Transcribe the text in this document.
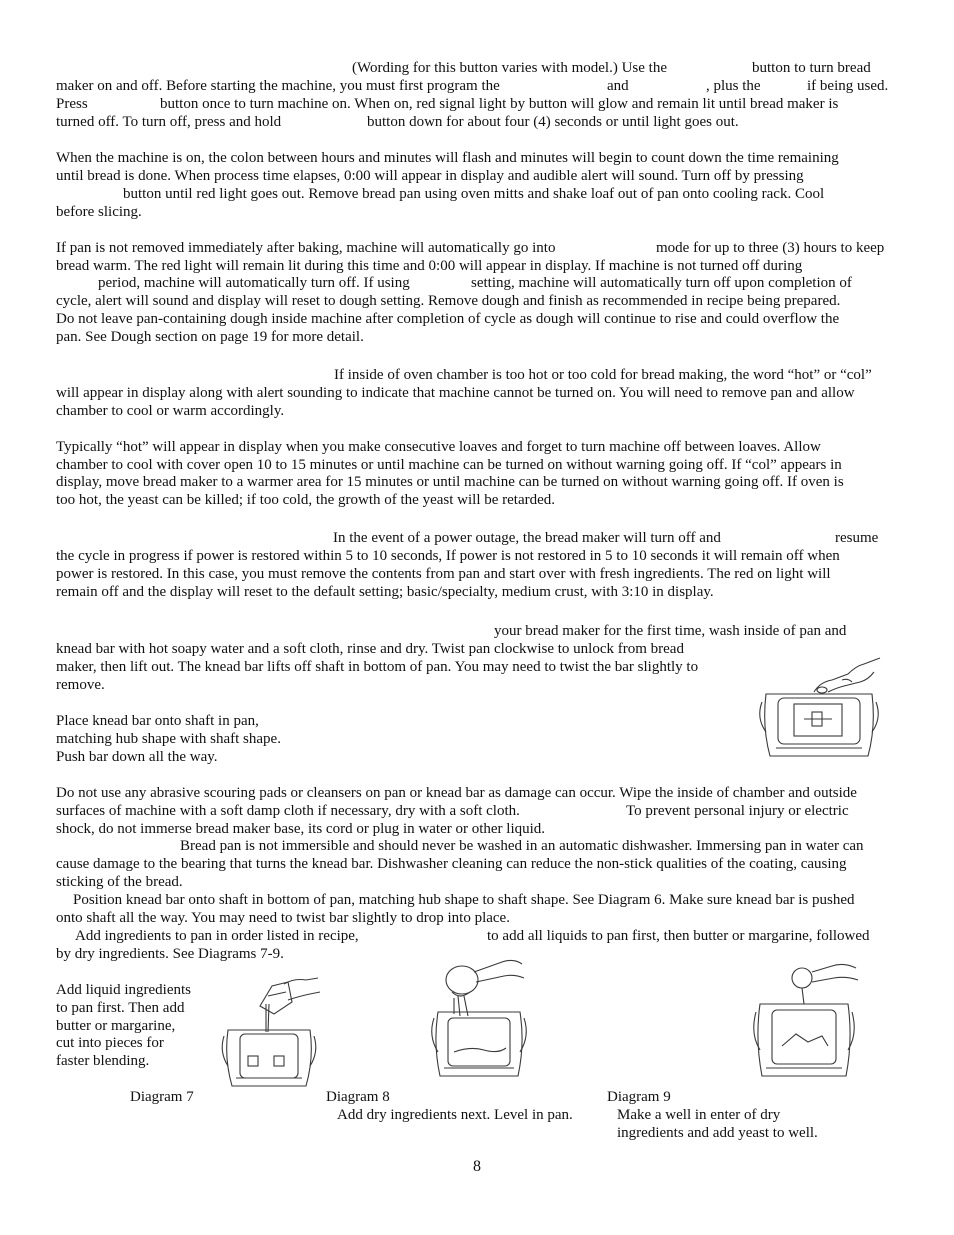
(Wording for this button varies with model.) Use the	button to turn bread
maker on and off. Before starting the machine, you must first program the	and	, plus the	if being used.
Press	button once to turn machine on. When on, red signal light by button will glow and remain lit until bread maker is
turned off. To turn off, press and hold	button down for about four (4) seconds or until light goes out.
When the machine is on, the colon between hours and minutes will flash and minutes will begin to count down the time remaining
until bread is done. When process time elapses, 0:00 will appear in display and audible alert will sound. Turn off by pressing
button until red light goes out. Remove bread pan using oven mitts and shake loaf out of pan onto cooling rack. Cool
before slicing.
If pan is not removed immediately after baking, machine will automatically go into	mode for up to three (3) hours to keep
bread warm. The red light will remain lit during this time and 0:00 will appear in display. If machine is not turned off during
period, machine will automatically turn off. If using	setting, machine will automatically turn off upon completion of
cycle, alert will sound and display will reset to dough setting. Remove dough and finish as recommended in recipe being prepared.
Do not leave pan-containing dough inside machine after completion of cycle as dough will continue to rise and could overflow the
pan. See Dough section on page 19 for more detail.
If inside of oven chamber is too hot or too cold for bread making, the word “hot” or “col”
will appear in display along with alert sounding to indicate that machine cannot be turned on. You will need to remove pan and allow
chamber to cool or warm accordingly.
Typically “hot” will appear in display when you make consecutive loaves and forget to turn machine off between loaves. Allow
chamber to cool with cover open 10 to 15 minutes or until machine can be turned on without warning going off. If “col” appears in
display, move bread maker to a warmer area for 15 minutes or until machine can be turned on without warning going off. If oven is
too hot, the yeast can be killed; if too cold, the growth of the yeast will be retarded.
In the event of a power outage, the bread maker will turn off and	resume
the cycle in progress if power is restored within 5 to 10 seconds, If power is not restored in 5 to 10 seconds it will remain off when
power is restored. In this case, you must remove the contents from pan and start over with fresh ingredients. The red on light will
remain off and the display will reset to the default setting; basic/specialty, medium crust, with 3:10 in display.
your bread maker for the first time, wash inside of pan and
knead bar with hot soapy water and a soft cloth, rinse and dry. Twist pan clockwise to unlock from bread
maker, then lift out. The knead bar lifts off shaft in bottom of pan. You may need to twist the bar slightly to
remove.
Place knead bar onto shaft in pan,
matching hub shape with shaft shape.
Push bar down all the way.
Do not use any abrasive scouring pads or cleansers on pan or knead bar as damage can occur. Wipe the inside of chamber and outside
surfaces of machine with a soft damp cloth if necessary, dry with a soft cloth.	To prevent personal injury or electric
shock, do not immerse bread maker base, its cord or plug in water or other liquid.
Bread pan is not immersible and should never be washed in an automatic dishwasher. Immersing pan in water can
cause damage to the bearing that turns the knead bar. Dishwasher cleaning can reduce the non-stick qualities of the coating, causing
sticking of the bread.
Position knead bar onto shaft in bottom of pan, matching hub shape to shaft shape. See Diagram 6. Make sure knead bar is pushed
onto shaft all the way. You may need to twist bar slightly to drop into place.
Add ingredients to pan in order listed in recipe,	to add all liquids to pan first, then butter or margarine, followed
by dry ingredients. See Diagrams 7-9.
Add liquid ingredients
to pan first. Then add
butter or margarine,
cut into pieces for
faster blending.
Diagram 7	Diagram 8	Diagram 9
Add dry ingredients next. Level in pan.	Make a well in enter of dry
ingredients and add yeast to well.
8
